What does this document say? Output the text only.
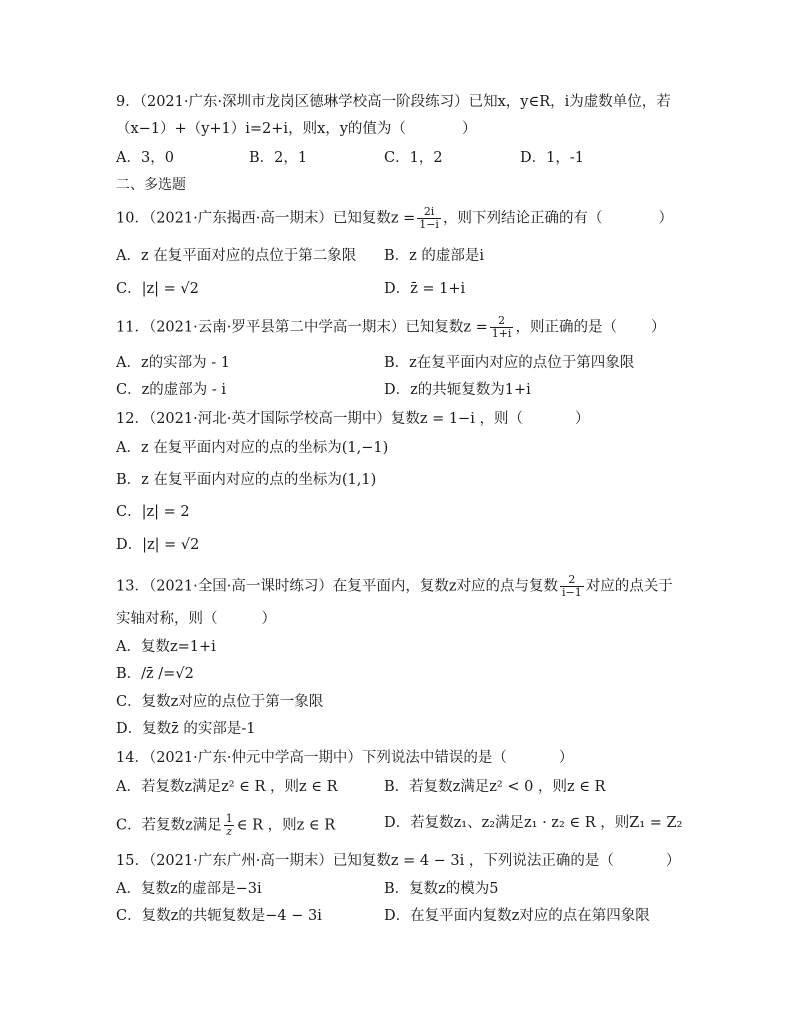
9．（2021·广东·深圳市龙岗区德琳学校高一阶段练习）已知x，y∈R，i为虚数单位，若
（x−1）+（y+1）i=2+i，则x，y的值为（	）
A．3，0	B．2，1	C．1，2	D．1，-1
二、多选题
10．（2021·广东揭西·高一期末）已知复数$z = \frac{2i}{1-i}$ ，则下列结论正确的有（	）
A．z 在复平面对应的点位于第二象限 B．z 的虚部是i
C．|z| = √2	D．z̄ = 1+i
11．（2021·云南·罗平县第二中学高一期末）已知复数$z = \frac{2}{1+i}$ ，则正确的是（ ）
A．z的实部为 - 1	B．z在复平面内对应的点位于第四象限
C．z的虚部为 - i	D．z的共轭复数为1+i
12．（2021·河北·英才国际学校高一期中）复数z = 1−i ，则（	）
A．z 在复平面内对应的点的坐标为(1,−1)
B．z 在复平面内对应的点的坐标为(1,1)
C．|z| = 2
D．|z| = √2
13．（2021·全国·高一课时练习）在复平面内，复数z对应的点与复数 $\frac{2}{i-1}$ 对应的点关于
实轴对称，则（	）
A．复数z=1+i
B．/z̄ /=√2
C．复数z对应的点位于第一象限
D．复数z̄ 的实部是-1
14．（2021·广东·仲元中学高一期中）下列说法中错误的是（	）
A．若复数z满足z² ∈ R ，则z ∈ R	B．若复数z满足z² < 0 ，则z ∈ R
C．若复数z满足 $\frac{1}{z}$ ∈ R ，则z ∈ R	D．若复数z₁、z₂满足z₁ · z₂ ∈ R ，则Z₁ = Z₂
15．（2021·广东广州·高一期末）已知复数z = 4 − 3i ，下列说法正确的是（	）
A．复数z的虚部是−3i	B．复数z的模为5
C．复数z的共轭复数是−4 − 3i	D．在复平面内复数z对应的点在第四象限
